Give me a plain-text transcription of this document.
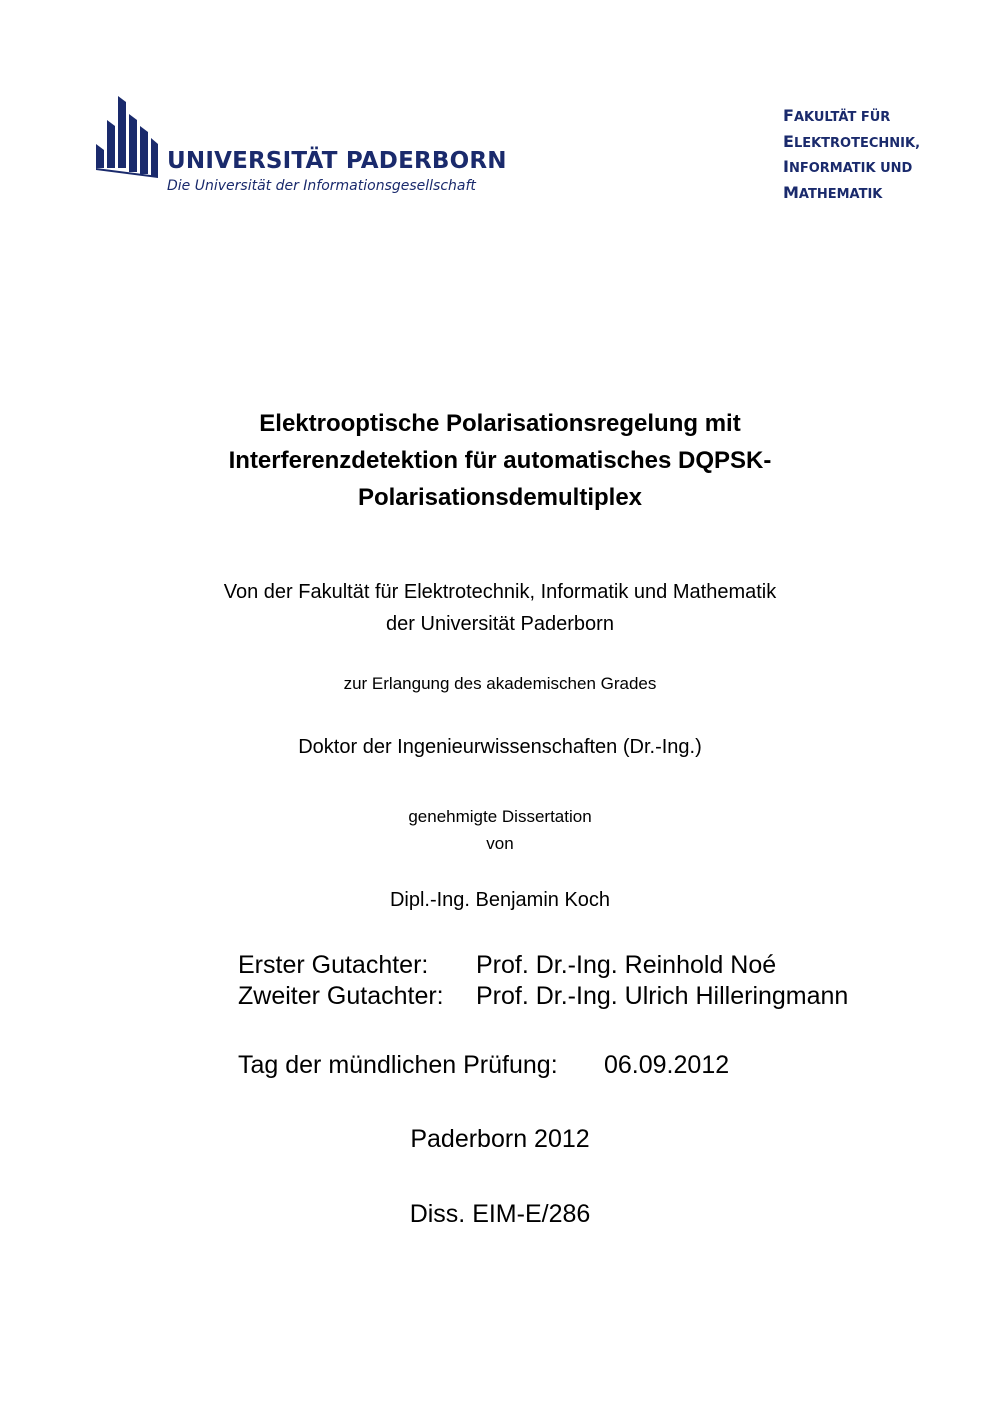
UNIVERSITÄT PADERBORN
Die Universität der Informationsgesellschaft
FAKULTÄT FÜR
ELEKTROTECHNIK,
INFORMATIK UND
MATHEMATIK
Elektrooptische Polarisationsregelung mit
Interferenzdetektion für automatisches DQPSK-
Polarisationsdemultiplex
Von der Fakultät für Elektrotechnik, Informatik und Mathematik
der Universität Paderborn
zur Erlangung des akademischen Grades
Doktor der Ingenieurwissenschaften (Dr.-Ing.)
genehmigte Dissertation
von
Dipl.-Ing. Benjamin Koch
Erster Gutachter:	Prof. Dr.-Ing. Reinhold Noé
Zweiter Gutachter:	Prof. Dr.-Ing. Ulrich Hilleringmann
Tag der mündlichen Prüfung:	06.09.2012
Paderborn 2012
Diss. EIM-E/286
